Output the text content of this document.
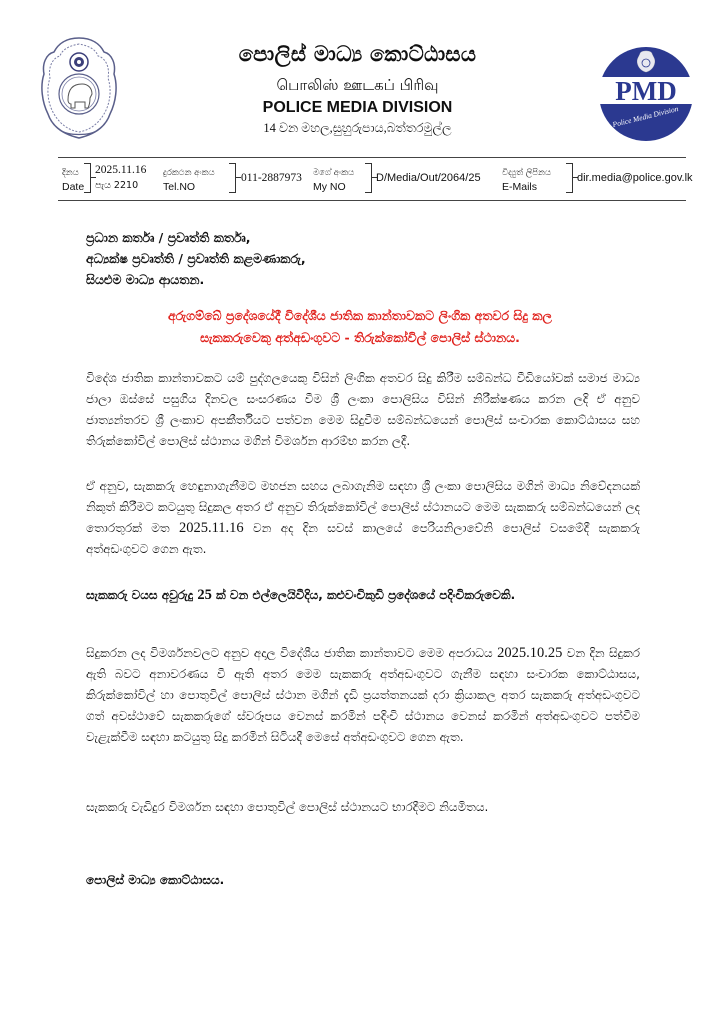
පොලිස් මාධ්‍ය කොට්ඨාසය
பொலிஸ் ஊடகப் பிரிவு
POLICE MEDIA DIVISION
14 වන මහල,සුහුරුපාය,බත්තරමුල්ල
PMD
Police Media Division
දිනය
Date
2025.11.16
පැය 2210
දුරකථන අංකය
Tel.NO
011-2887973 මගේ අංකය
My NO
D/Media/Out/2064/25	විද්‍යුත් ලිපිනය
E-Mails
dir.media@police.gov.lk
ප්‍රධාන කර්තෘ / ප්‍රවෘත්ති කර්තෘ,
අධ්‍යක්ෂ ප්‍රවෘත්ති / ප්‍රවෘත්ති කළමණාකරු,
සියළුම මාධ්‍ය ආයතන.
අරුගම්බේ ප්‍රදේශයේදී විදේශීය ජාතික කාන්තාවකට ලිංගික අතවර සිදු කල
සැකකරුවෙකු අත්අඩංගුවට - තිරුක්කෝවිල් පොලිස් ස්ථානය.
විදේශ ජාතික කාන්තාවකට යම් පුද්ගලයෙකු විසින් ලිංගික අතවර සිදු කිරීම සම්බන්ධ වීඩියෝවක් සමාජ මාධ්‍ය ජාලා ඔස්සේ පසුගිය දිනවල සංසරණය වීම ශ්‍රී ලංකා පොලිසිය විසින් නිරීක්ෂණය කරන ලදි ඒ අනුව ජාත්‍යන්තරව ශ්‍රී ලංකාව අපකීර්තියට පත්වන මෙම සිදුවීම සම්බන්ධයෙන් පොලිස් සංචාරක කොට්ඨාසය සහ තිරුක්කෝවිල් පොලිස් ස්ථානය මගින් විමර්ශන ආරම්භ කරන ලදී.
ඒ අනුව, සැකකරු හෙඳුනාගැනීමට මහජන සහය ලබාගැනිම සඳහා ශ්‍රී ලංකා පොලිසිය මගින් මාධ්‍ය නිවේදනයක් නිකුත් කිරීමට කටයුතු සිදුකල අතර ඒ අනුව තිරුක්කෝවිල් පොලිස් ස්ථානයට මෙම සැකකරු සම්බන්ධයෙන් ලද තොරතුරක් මත 2025.11.16 වන අද දින සවස් කාලයේ පෙරියනිලාවේනි පොලිස් වසමේදී සැකකරු අත්අඩංගුවට ගෙන ඇත.
සැකකරු වයස අවුරුදු 25 ක් වන එල්ලෙයිවීදිය, කළුවංචිකුඩි ප්‍රදේශයේ පදිංචිකරුවෙකි.
සිදුකරන ලද විමර්ශනවලට අනුව අදාල විදේශීය ජාතික කාන්තාවට මෙම අපරාධය 2025.10.25 වන දින සිදුකර ඇති බවට අනාවරණය වී ඇති අතර මෙම සැකකරු අත්අඩංගුවට ගැනීම සඳහා සංචාරක කොට්ඨාසය, කිරුක්කෝවිල් හා පොතුවිල් පොලිස් ස්ථාන මගින් දැඩි ප්‍රයත්තනයක් දරා ක්‍රියාකල අතර සැකකරු අත්අඩංගුවට ගත් අවස්ථාවේ සැකකරුගේ ස්වරූපය වෙනස් කරමින් පදිංචි ස්ථානය වෙනස් කරමින් අත්අඩංගුවට පත්වීම වැළැක්වීම සඳහා කටයුතු සිදු කරමින් සිටියදී මෙසේ අත්අඩංගුවට ගෙන ඇත.
සැකකරු වැඩිදුර විමර්ශන සඳහා පොතුවිල් පොලිස් ස්ථානයට භාරදීමට නියමිතය.
පොලිස් මාධ්‍ය කොට්ඨාසය.
